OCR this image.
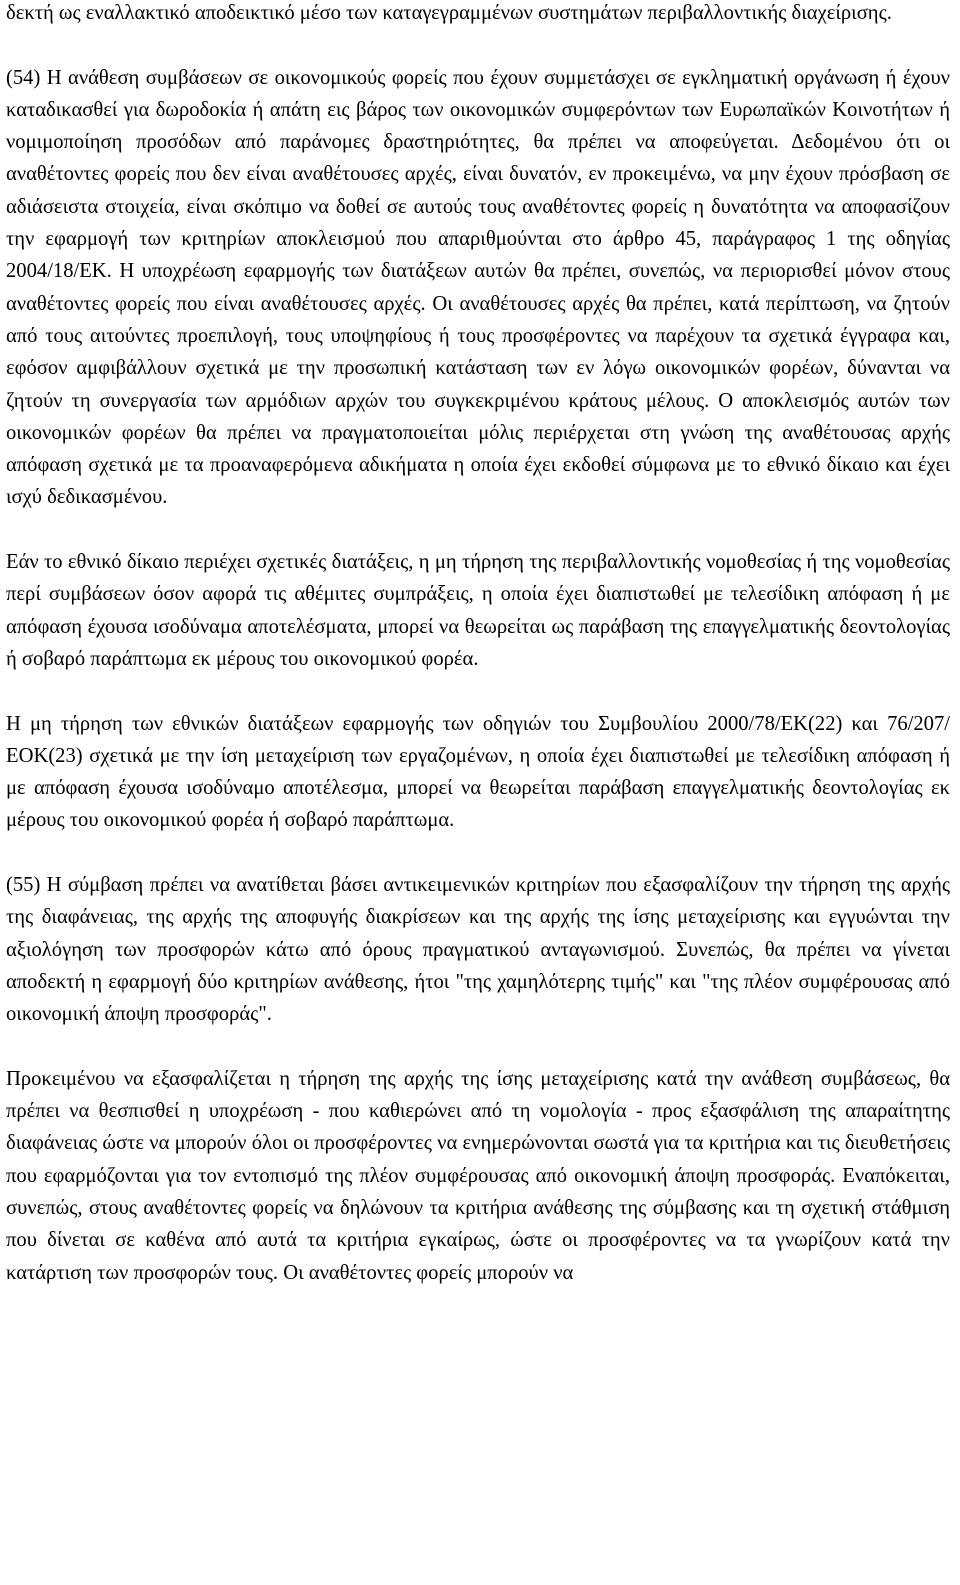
δεκτή ως εναλλακτικό αποδεικτικό μέσο των καταγεγραμμένων συστημάτων περιβαλλοντικής διαχείρισης.

(54) Η ανάθεση συμβάσεων σε οικονομικούς φορείς που έχουν συμμετάσχει σε εγκληματική οργάνωση ή έχουν καταδικασθεί για δωροδοκία ή απάτη εις βάρος των οικονομικών συμφερόντων των Ευρωπαϊκών Κοινοτήτων ή νομιμοποίηση προσόδων από παράνομες δραστηριότητες, θα πρέπει να αποφεύγεται. Δεδομένου ότι οι αναθέτοντες φορείς που δεν είναι αναθέτουσες αρχές, είναι δυνατόν, εν προκειμένω, να μην έχουν πρόσβαση σε αδιάσειστα στοιχεία, είναι σκόπιμο να δοθεί σε αυτούς τους αναθέτοντες φορείς η δυνατότητα να αποφασίζουν την εφαρμογή των κριτηρίων αποκλεισμού που απαριθμούνται στο άρθρο 45, παράγραφος 1 της οδηγίας 2004/18/ΕΚ. Η υποχρέωση εφαρμογής των διατάξεων αυτών θα πρέπει, συνεπώς, να περιορισθεί μόνον στους αναθέτοντες φορείς που είναι αναθέτουσες αρχές. Οι αναθέτουσες αρχές θα πρέπει, κατά περίπτωση, να ζητούν από τους αιτούντες προεπιλογή, τους υποψηφίους ή τους προσφέροντες να παρέχουν τα σχετικά έγγραφα και, εφόσον αμφιβάλλουν σχετικά με την προσωπική κατάσταση των εν λόγω οικονομικών φορέων, δύνανται να ζητούν τη συνεργασία των αρμόδιων αρχών του συγκεκριμένου κράτους μέλους. Ο αποκλεισμός αυτών των οικονομικών φορέων θα πρέπει να πραγματοποιείται μόλις περιέρχεται στη γνώση της αναθέτουσας αρχής απόφαση σχετικά με τα προαναφερόμενα αδικήματα η οποία έχει εκδοθεί σύμφωνα με το εθνικό δίκαιο και έχει ισχύ δεδικασμένου.

Εάν το εθνικό δίκαιο περιέχει σχετικές διατάξεις, η μη τήρηση της περιβαλλοντικής νομοθεσίας ή της νομοθεσίας περί συμβάσεων όσον αφορά τις αθέμιτες συμπράξεις, η οποία έχει διαπιστωθεί με τελεσίδικη απόφαση ή με απόφαση έχουσα ισοδύναμα αποτελέσματα, μπορεί να θεωρείται ως παράβαση της επαγγελματικής δεοντολογίας ή σοβαρό παράπτωμα εκ μέρους του οικονομικού φορέα.

Η μη τήρηση των εθνικών διατάξεων εφαρμογής των οδηγιών του Συμβουλίου 2000/78/ΕΚ(22) και 76/207/ΕΟΚ(23) σχετικά με την ίση μεταχείριση των εργαζομένων, η οποία έχει διαπιστωθεί με τελεσίδικη απόφαση ή με απόφαση έχουσα ισοδύναμο αποτέλεσμα, μπορεί να θεωρείται παράβαση επαγγελματικής δεοντολογίας εκ μέρους του οικονομικού φορέα ή σοβαρό παράπτωμα.

(55) Η σύμβαση πρέπει να ανατίθεται βάσει αντικειμενικών κριτηρίων που εξασφαλίζουν την τήρηση της αρχής της διαφάνειας, της αρχής της αποφυγής διακρίσεων και της αρχής της ίσης μεταχείρισης και εγγυώνται την αξιολόγηση των προσφορών κάτω από όρους πραγματικού ανταγωνισμού. Συνεπώς, θα πρέπει να γίνεται αποδεκτή η εφαρμογή δύο κριτηρίων ανάθεσης, ήτοι "της χαμηλότερης τιμής" και "της πλέον συμφέρουσας από οικονομική άποψη προσφοράς".

Προκειμένου να εξασφαλίζεται η τήρηση της αρχής της ίσης μεταχείρισης κατά την ανάθεση συμβάσεως, θα πρέπει να θεσπισθεί η υποχρέωση - που καθιερώνει από τη νομολογία - προς εξασφάλιση της απαραίτητης διαφάνειας ώστε να μπορούν όλοι οι προσφέροντες να ενημερώνονται σωστά για τα κριτήρια και τις διευθετήσεις που εφαρμόζονται για τον εντοπισμό της πλέον συμφέρουσας από οικονομική άποψη προσφοράς. Εναπόκειται, συνεπώς, στους αναθέτοντες φορείς να δηλώνουν τα κριτήρια ανάθεσης της σύμβασης και τη σχετική στάθμιση που δίνεται σε καθένα από αυτά τα κριτήρια εγκαίρως, ώστε οι προσφέροντες να τα γνωρίζουν κατά την κατάρτιση των προσφορών τους. Οι αναθέτοντες φορείς μπορούν να
